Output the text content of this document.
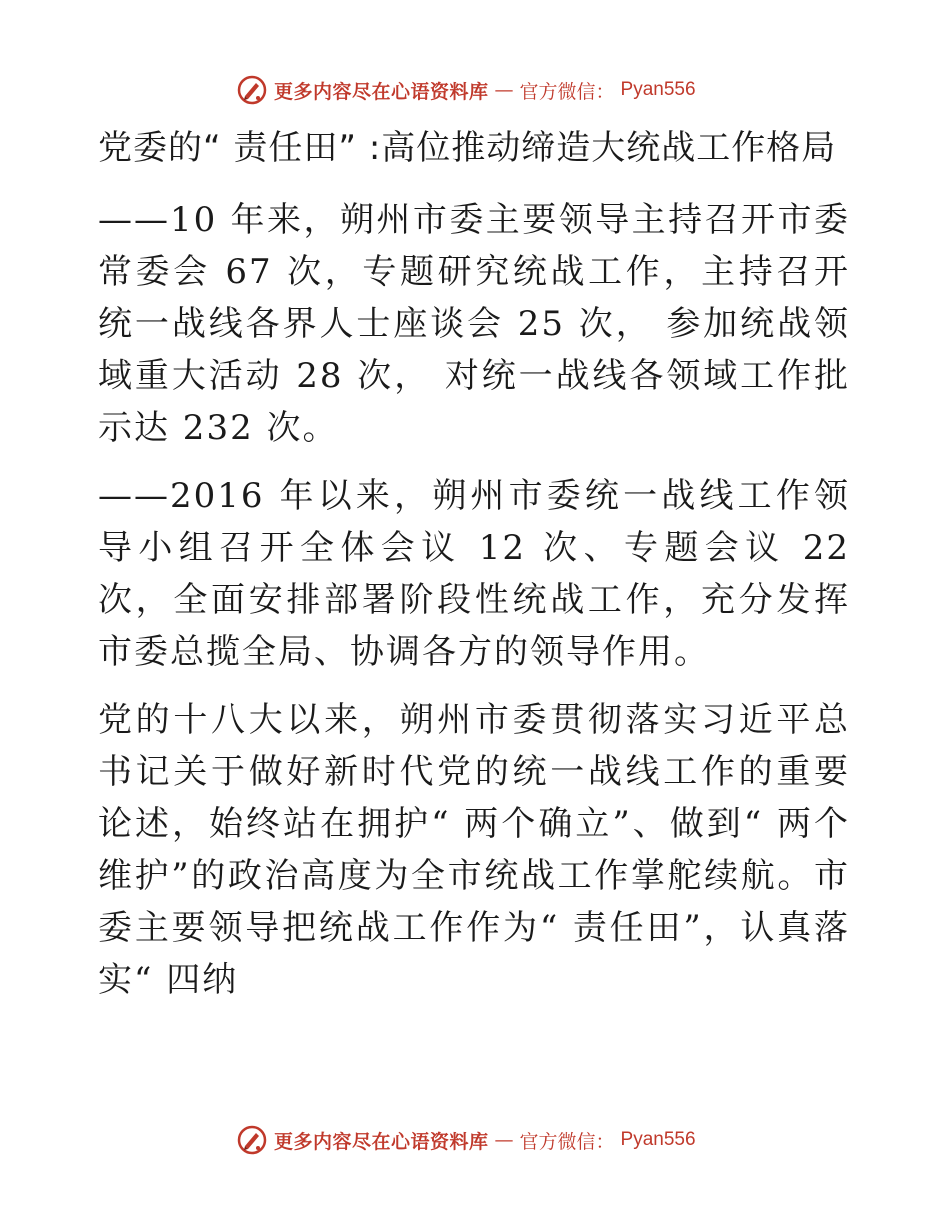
更多内容尽在心语资料库 — 官方微信： Pyan556

党委的“ 责任田” :高位推动缔造大统战工作格局

——10 年来，朔州市委主要领导主持召开市委常委会 67 次，专题研究统战工作，主持召开统一战线各界人士座谈会 25 次， 参加统战领域重大活动 28 次， 对统一战线各领域工作批示达 232 次。

——2016 年以来，朔州市委统一战线工作领导小组召开全体会议 12 次、专题会议 22 次，全面安排部署阶段性统战工作，充分发挥市委总揽全局、协调各方的领导作用。

党的十八大以来，朔州市委贯彻落实习近平总书记关于做好新时代党的统一战线工作的重要论述，始终站在拥护“ 两个确立”、做到“ 两个维护”的政治高度为全市统战工作掌舵续航。市委主要领导把统战工作作为“ 责任田”，认真落实“ 四纳

更多内容尽在心语资料库 — 官方微信： Pyan556
